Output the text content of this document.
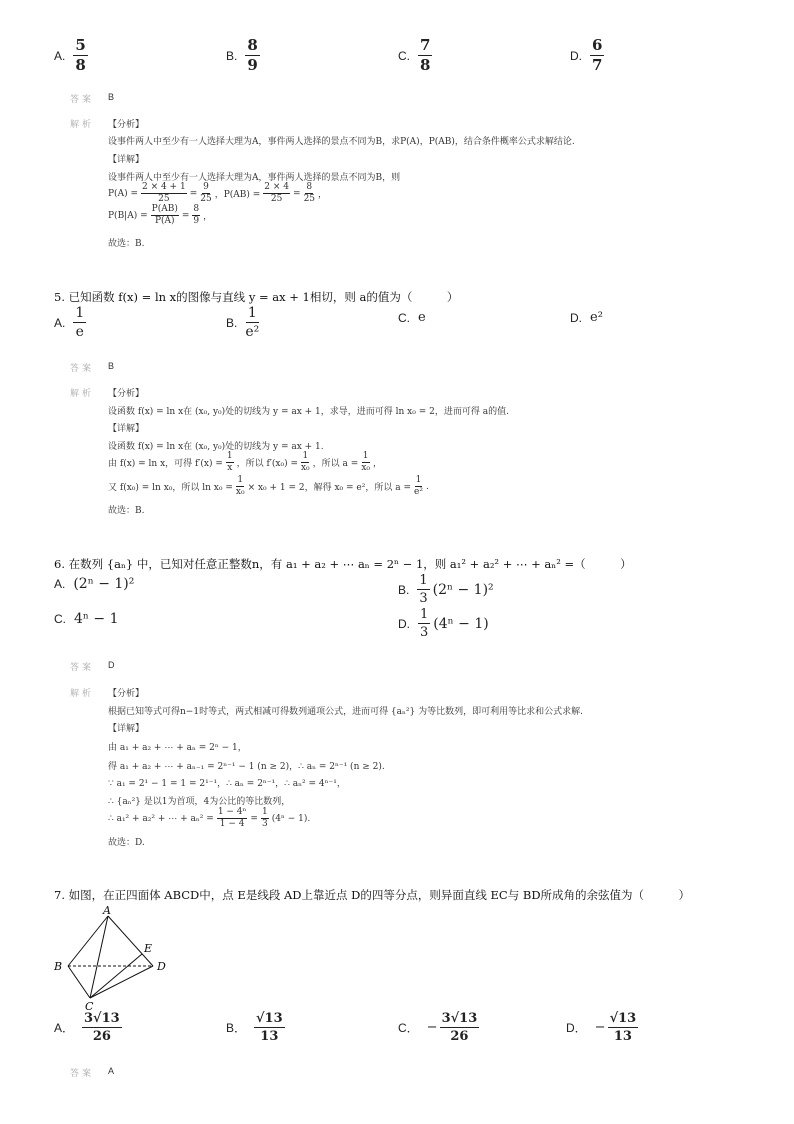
A. $\frac{5}{8}$	B. $\frac{8}{9}$	C. $\frac{7}{8}$	D. $\frac{6}{7}$
答案 B
解析 【分析】
设事件两人中至少有一人选择大理为A，事件两人选择的景点不同为B，求P(A)，P(AB)，结合条件概率公式求解结论.
【详解】
设事件两人中至少有一人选择大理为A，事件两人选择的景点不同为B，则
$P(A) = \frac{2 \times 4 + 1}{25} = \frac{9}{25}$ ，$P(AB) = \frac{2 \times 4}{25} = \frac{8}{25}$ ，
$P(B|A) = \frac{P(AB)}{P(A)} = \frac{8}{9}$ ，
故选：B.
5. 已知函数 f(x) = ln x的图像与直线 y = ax + 1相切，则 a的值为（　　　）
A. $\frac{1}{e}$	B. $\frac{1}{\text{e²}}$	C. e	D. e²
答案 B
解析 【分析】
设函数 f(x) = ln x在 (x₀, y₀)处的切线为 y = ax + 1，求导，进而可得 ln x₀ = 2，进而可得 a的值.
【详解】
设函数 f(x) = ln x在 (x₀, y₀)处的切线为 y = ax + 1.
由 f(x) = ln x，可得 $f'(x) = \frac{1}{x}$ ，所以 $f'(x_0) = \frac{1}{\text{x₀}}$ ，所以 $a = \frac{1}{\text{x₀}}$ ，
又 f(x₀) = ln x₀，所以 $\ln x_0 = \frac{1}{\text{x₀}} \times x_0 + 1 = 2$，解得 x₀ = e²，所以 $a = \frac{1}{\text{e²}}$ .
故选：B.
6. 在数列 {aₙ} 中，已知对任意正整数n，有 a₁ + a₂ + ⋯ aₙ = 2ⁿ − 1，则 a₁² + a₂² + ⋯ + aₙ² =（　　　）
A. (2ⁿ − 1)²	B. $\frac{1}{3} (2^n - 1)^2$
C. 4ⁿ − 1	D. $\frac{1}{3} (4^n - 1)$
答案 D
解析 【分析】
根据已知等式可得n−1时等式，两式相减可得数列通项公式，进而可得 {aₙ²} 为等比数列，即可利用等比求和公式求解.
【详解】
由 a₁ + a₂ + ⋯ + aₙ = 2ⁿ − 1，
得 a₁ + a₂ + ⋯ + aₙ₋₁ = 2ⁿ⁻¹ − 1 (n ≥ 2)，∴ aₙ = 2ⁿ⁻¹ (n ≥ 2).
∵ a₁ = 2¹ − 1 = 1 = 2¹⁻¹，∴ aₙ = 2ⁿ⁻¹，∴ aₙ² = 4ⁿ⁻¹，
∴ {aₙ²} 是以1为首项，4为公比的等比数列，
∴ a₁² + a₂² + ⋯ + $a_n^2 = \frac{\text{1 − 4ⁿ}}{1 - 4} = \frac{1}{3} (4^n - 1)$.
故选：D.
7. 如图，在正四面体 ABCD中，点 E是线段 AD上靠近点 D的四等分点，则异面直线 EC与 BD所成角的余弦值为（　　　）
A
B
C
D
E
A． $\frac{3√13}{26}$	B． $\frac{√13}{13}$	C． − $\frac{3√13}{26}$	D． − $\frac{√13}{13}$
答案 A
